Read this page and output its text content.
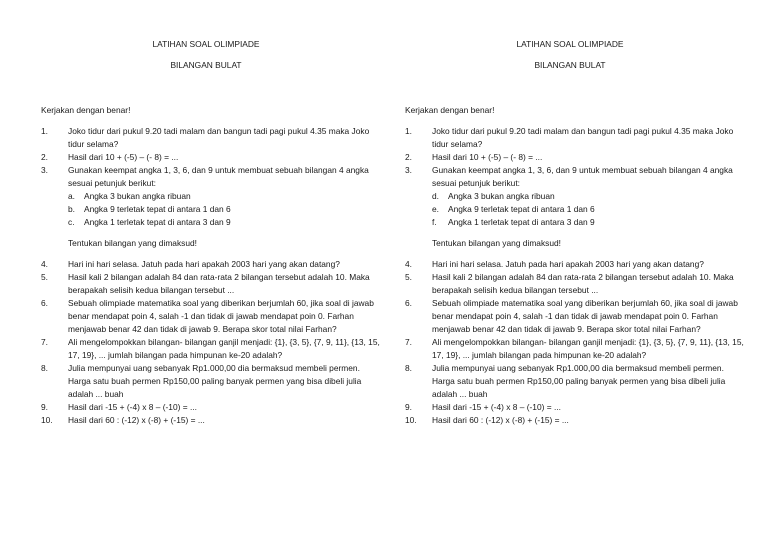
LATIHAN SOAL OLIMPIADE
BILANGAN BULAT
Kerjakan dengan benar!
1.	Joko tidur dari pukul 9.20 tadi malam dan bangun tadi pagi pukul 4.35 maka Joko tidur selama?
2.	Hasil dari 10 + (-5) – (- 8) = ...
3.	Gunakan keempat angka 1, 3, 6, dan 9 untuk membuat sebuah bilangan 4 angka sesuai petunjuk berikut:
a. Angka 3 bukan angka ribuan
b. Angka 9 terletak tepat di antara 1 dan 6
c. Angka 1 terletak tepat di antara 3 dan 9
Tentukan bilangan yang dimaksud!
4.	Hari ini hari selasa. Jatuh pada hari apakah 2003 hari yang akan datang?
5.	Hasil kali 2 bilangan adalah 84 dan rata-rata 2 bilangan tersebut adalah 10. Maka berapakah selisih kedua bilangan tersebut ...
6.	Sebuah olimpiade matematika soal yang diberikan berjumlah 60, jika soal di jawab benar mendapat poin 4, salah -1 dan tidak di jawab mendapat poin 0. Farhan menjawab benar 42 dan tidak di jawab 9. Berapa skor total nilai Farhan?
7.	Ali mengelompokkan bilangan- bilangan ganjil menjadi: {1}, {3, 5}, {7, 9, 11}, {13, 15, 17, 19}, ... jumlah bilangan pada himpunan ke-20 adalah?
8.	Julia mempunyai uang sebanyak Rp1.000,00 dia bermaksud membeli permen. Harga satu buah permen Rp150,00 paling banyak permen yang bisa dibeli julia adalah ... buah
9.	Hasil dari -15 + (-4) x 8 – (-10) = ...
10.	Hasil dari 60 : (-12) x (-8) + (-15) = ...
LATIHAN SOAL OLIMPIADE
BILANGAN BULAT
Kerjakan dengan benar!
1.	Joko tidur dari pukul 9.20 tadi malam dan bangun tadi pagi pukul 4.35 maka Joko tidur selama?
2.	Hasil dari 10 + (-5) – (- 8) = ...
3.	Gunakan keempat angka 1, 3, 6, dan 9 untuk membuat sebuah bilangan 4 angka sesuai petunjuk berikut:
d. Angka 3 bukan angka ribuan
e. Angka 9 terletak tepat di antara 1 dan 6
f. Angka 1 terletak tepat di antara 3 dan 9
Tentukan bilangan yang dimaksud!
4.	Hari ini hari selasa. Jatuh pada hari apakah 2003 hari yang akan datang?
5.	Hasil kali 2 bilangan adalah 84 dan rata-rata 2 bilangan tersebut adalah 10. Maka berapakah selisih kedua bilangan tersebut ...
6.	Sebuah olimpiade matematika soal yang diberikan berjumlah 60, jika soal di jawab benar mendapat poin 4, salah -1 dan tidak di jawab mendapat poin 0. Farhan menjawab benar 42 dan tidak di jawab 9. Berapa skor total nilai Farhan?
7.	Ali mengelompokkan bilangan- bilangan ganjil menjadi: {1}, {3, 5}, {7, 9, 11}, {13, 15, 17, 19}, ... jumlah bilangan pada himpunan ke-20 adalah?
8.	Julia mempunyai uang sebanyak Rp1.000,00 dia bermaksud membeli permen. Harga satu buah permen Rp150,00 paling banyak permen yang bisa dibeli julia adalah ... buah
9.	Hasil dari -15 + (-4) x 8 – (-10) = ...
10.	Hasil dari 60 : (-12) x (-8) + (-15) = ...
